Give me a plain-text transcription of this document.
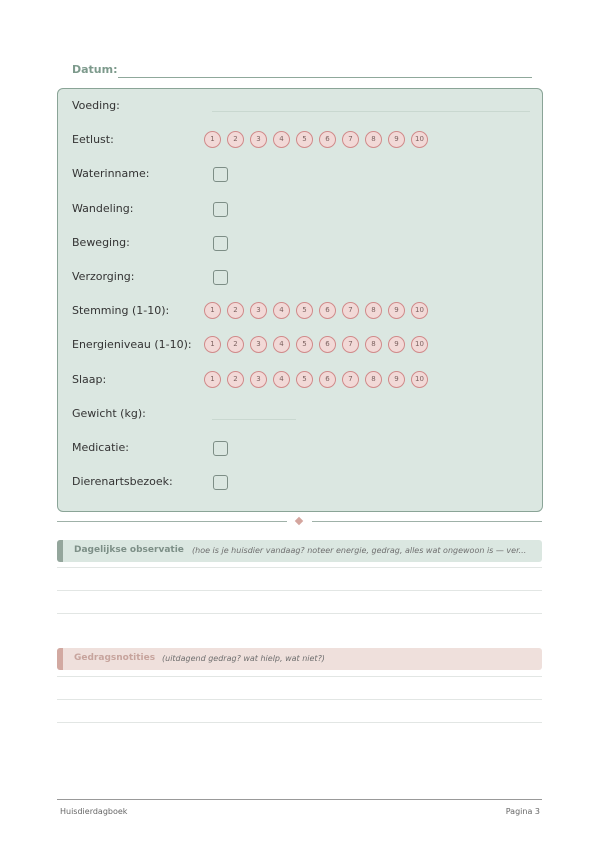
Datum:
Voeding:
Eetlust:	1	2	3	4	5	6	7	8	9	10
Waterinname:
Wandeling:
Beweging:
Verzorging:
Stemming (1-10):	1	2	3	4	5	6	7	8	9	10
Energieniveau (1-10):	1	2	3	4	5	6	7	8	9	10
Slaap:	1	2	3	4	5	6	7	8	9	10
Gewicht (kg):
Medicatie:
Dierenartsbezoek:
Dagelijkse observatie (hoe is je huisdier vandaag? noteer energie, gedrag, alles wat ongewoon is — ver...
Gedragsnotities (uitdagend gedrag? wat hielp, wat niet?)
Huisdierdagboek	Pagina 3
